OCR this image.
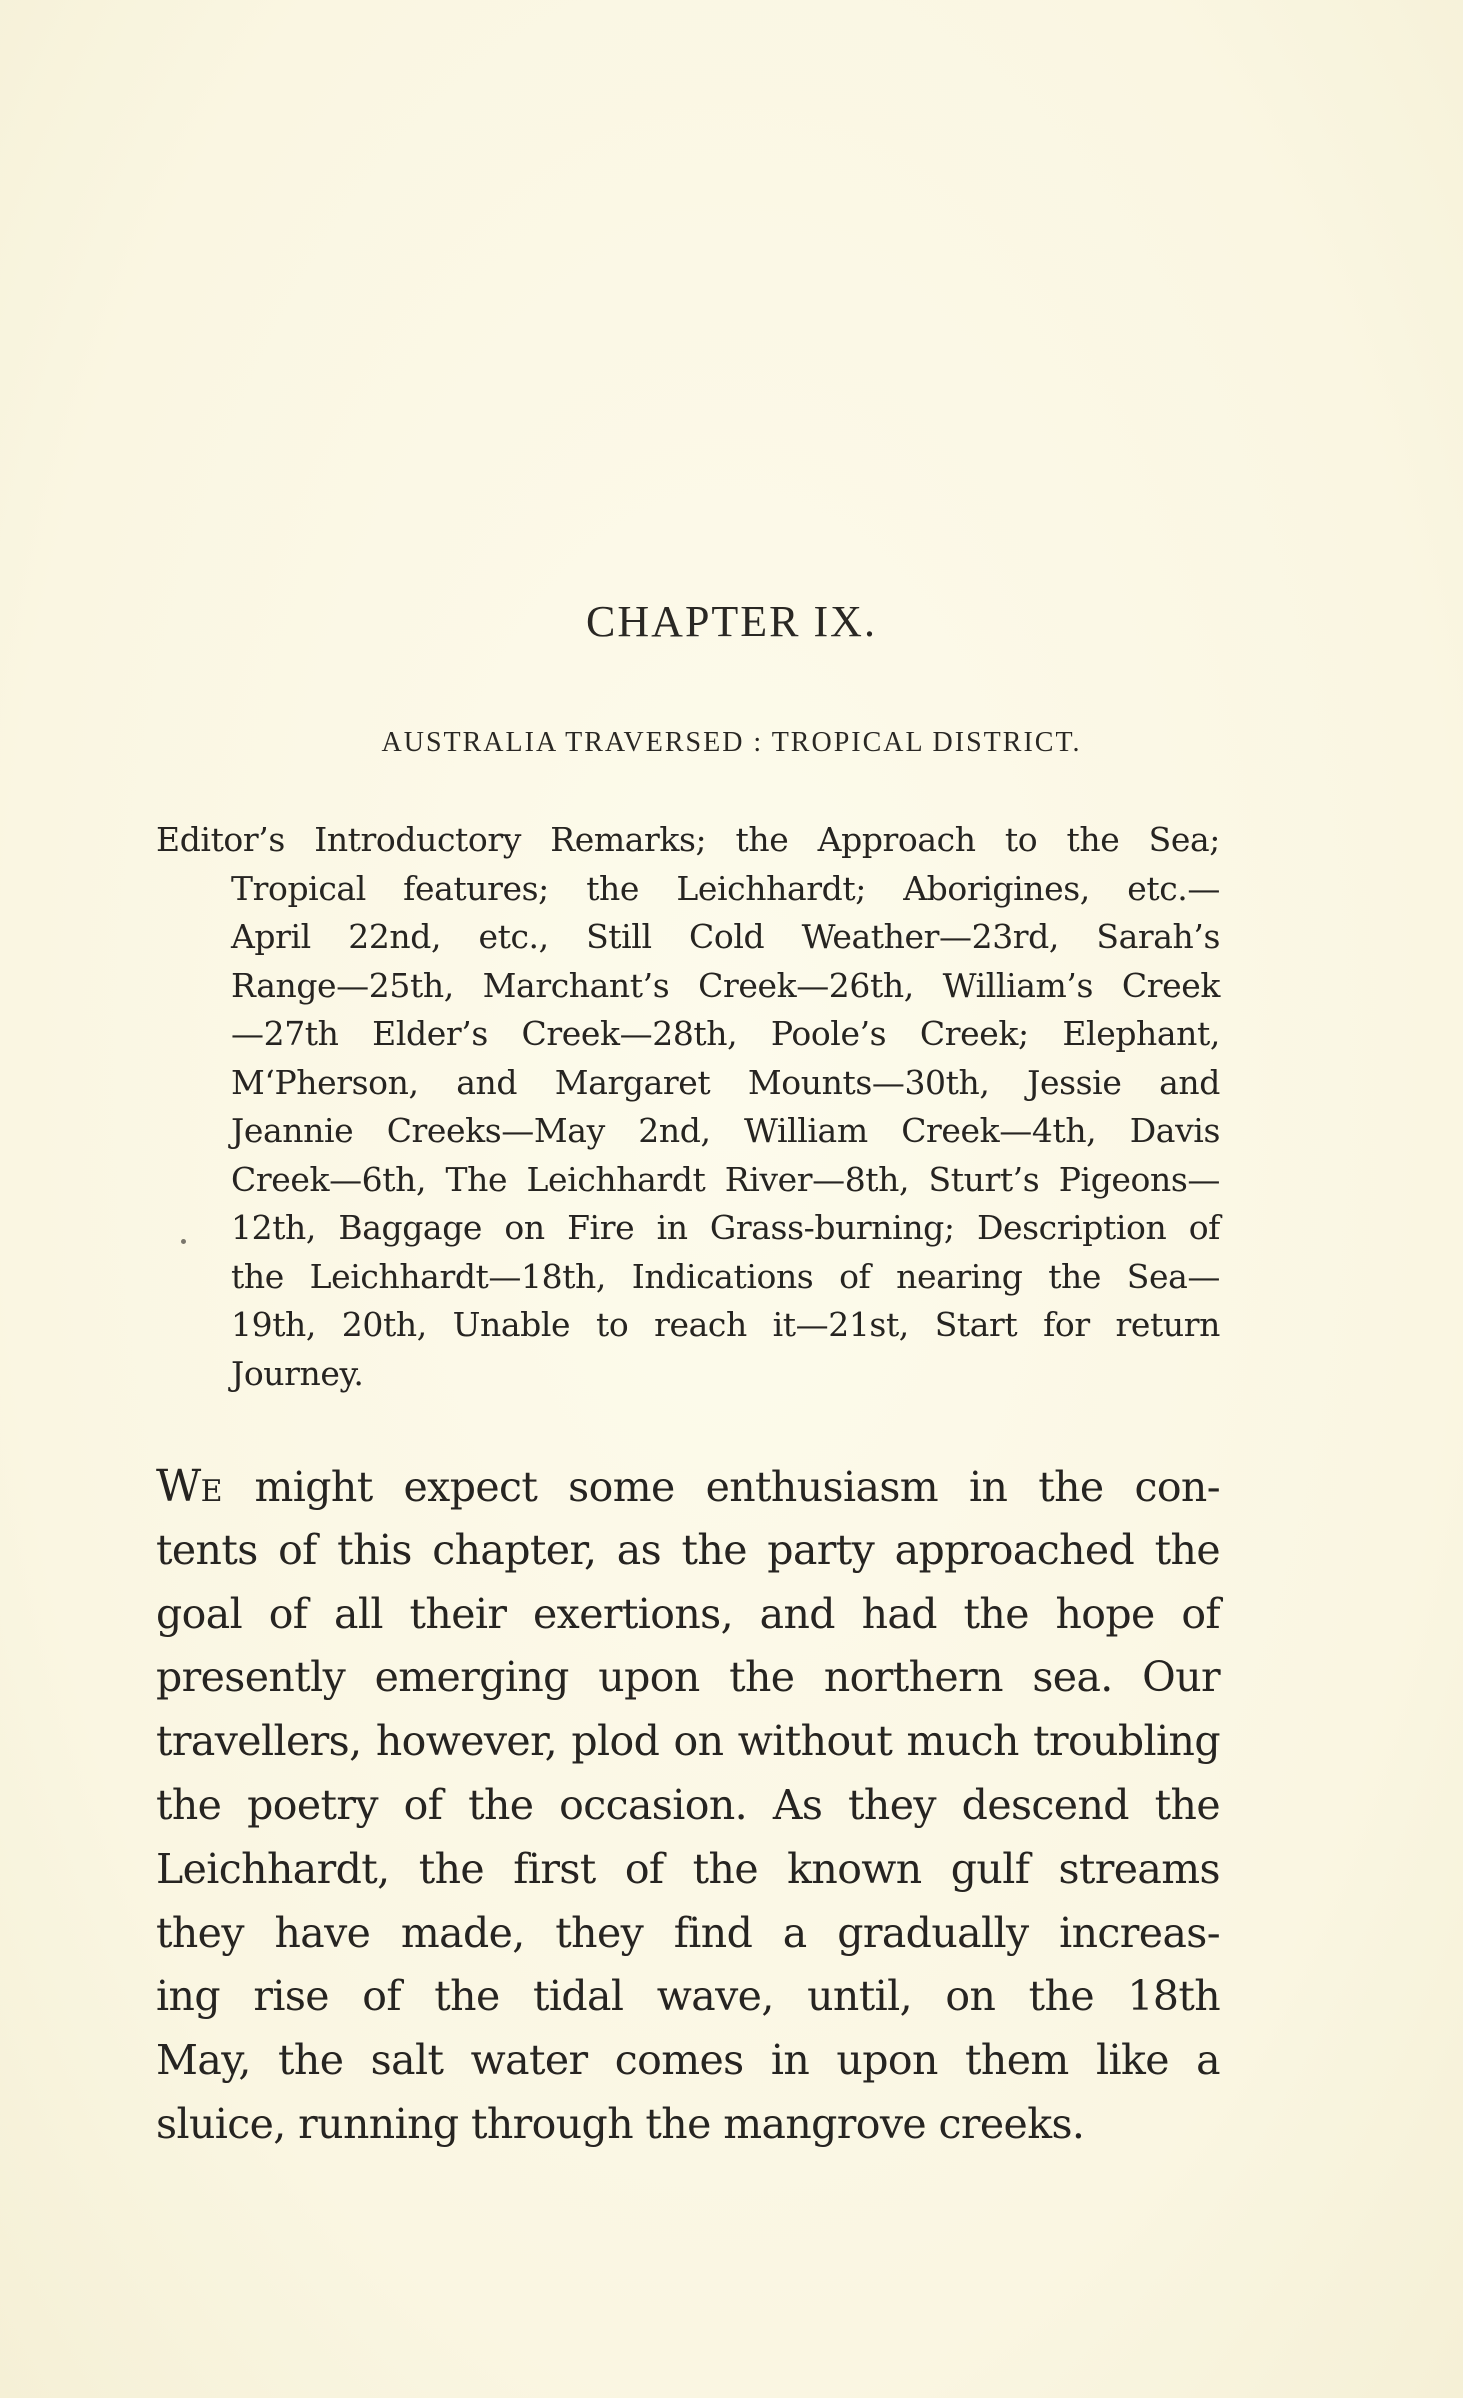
CHAPTER IX.
AUSTRALIA TRAVERSED : TROPICAL DISTRICT.
Editor’s Introductory Remarks; the Approach to the Sea;
Tropical features; the Leichhardt; Aborigines, etc.—
April 22nd, etc., Still Cold Weather—23rd, Sarah’s
Range—25th, Marchant’s Creek—26th, William’s Creek
—27th Elder’s Creek—28th, Poole’s Creek; Elephant,
M‘Pherson, and Margaret Mounts—30th, Jessie and
Jeannie Creeks—May 2nd, William Creek—4th, Davis
Creek—6th, The Leichhardt River—8th, Sturt’s Pigeons—
12th, Baggage on Fire in Grass-burning; Description of
the Leichhardt—18th, Indications of nearing the Sea—
19th, 20th, Unable to reach it—21st, Start for return
Journey.
WE might expect some enthusiasm in the con-
tents of this chapter, as the party approached the
goal of all their exertions, and had the hope of
presently emerging upon the northern sea. Our
travellers, however, plod on without much troubling
the poetry of the occasion. As they descend the
Leichhardt, the first of the known gulf streams
they have made, they find a gradually increas-
ing rise of the tidal wave, until, on the 18th
May, the salt water comes in upon them like a
sluice, running through the mangrove creeks.
